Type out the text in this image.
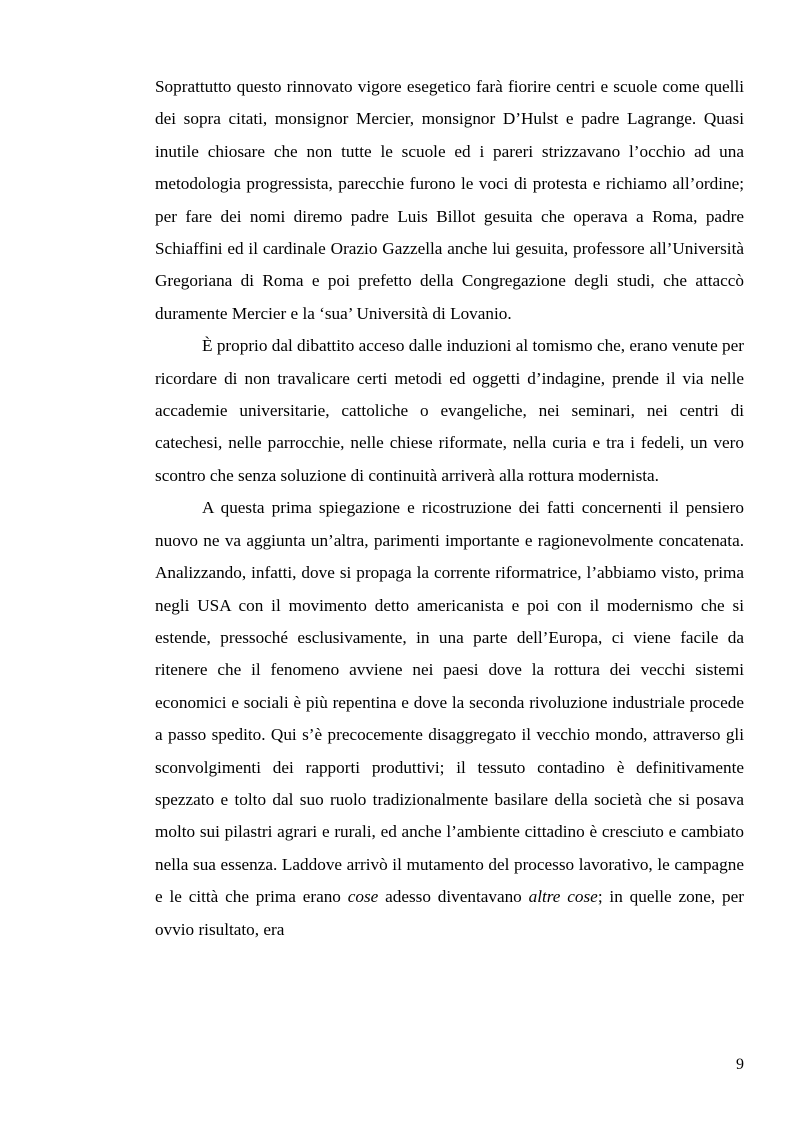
Soprattutto questo rinnovato vigore esegetico farà fiorire centri e scuole come quelli dei sopra citati, monsignor Mercier, monsignor D’Hulst e padre Lagrange. Quasi inutile chiosare che non tutte le scuole ed i pareri strizzavano l’occhio ad una metodologia progressista, parecchie furono le voci di protesta e richiamo all’ordine; per fare dei nomi diremo padre Luis Billot gesuita che operava a Roma, padre Schiaffini ed il cardinale Orazio Gazzella anche lui gesuita, professore all’Università Gregoriana di Roma e poi prefetto della Congregazione degli studi, che attaccò duramente Mercier e la ‘sua’ Università di Lovanio.

È proprio dal dibattito acceso dalle induzioni al tomismo che, erano venute per ricordare di non travalicare certi metodi ed oggetti d’indagine, prende il via nelle accademie universitarie, cattoliche o evangeliche, nei seminari, nei centri di catechesi, nelle parrocchie, nelle chiese riformate, nella curia e tra i fedeli, un vero scontro che senza soluzione di continuità arriverà alla rottura modernista.

A questa prima spiegazione e ricostruzione dei fatti concernenti il pensiero nuovo ne va aggiunta un’altra, parimenti importante e ragionevolmente concatenata. Analizzando, infatti, dove si propaga la corrente riformatrice, l’abbiamo visto, prima negli USA con il movimento detto americanista e poi con il modernismo che si estende, pressoché esclusivamente, in una parte dell’Europa, ci viene facile da ritenere che il fenomeno avviene nei paesi dove la rottura dei vecchi sistemi economici e sociali è più repentina e dove la seconda rivoluzione industriale procede a passo spedito. Qui s’è precocemente disaggregato il vecchio mondo, attraverso gli sconvolgimenti dei rapporti produttivi; il tessuto contadino è definitivamente spezzato e tolto dal suo ruolo tradizionalmente basilare della società che si posava molto sui pilastri agrari e rurali, ed anche l’ambiente cittadino è cresciuto e cambiato nella sua essenza. Laddove arrivò il mutamento del processo lavorativo, le campagne e le città che prima erano cose adesso diventavano altre cose; in quelle zone, per ovvio risultato, era

9
